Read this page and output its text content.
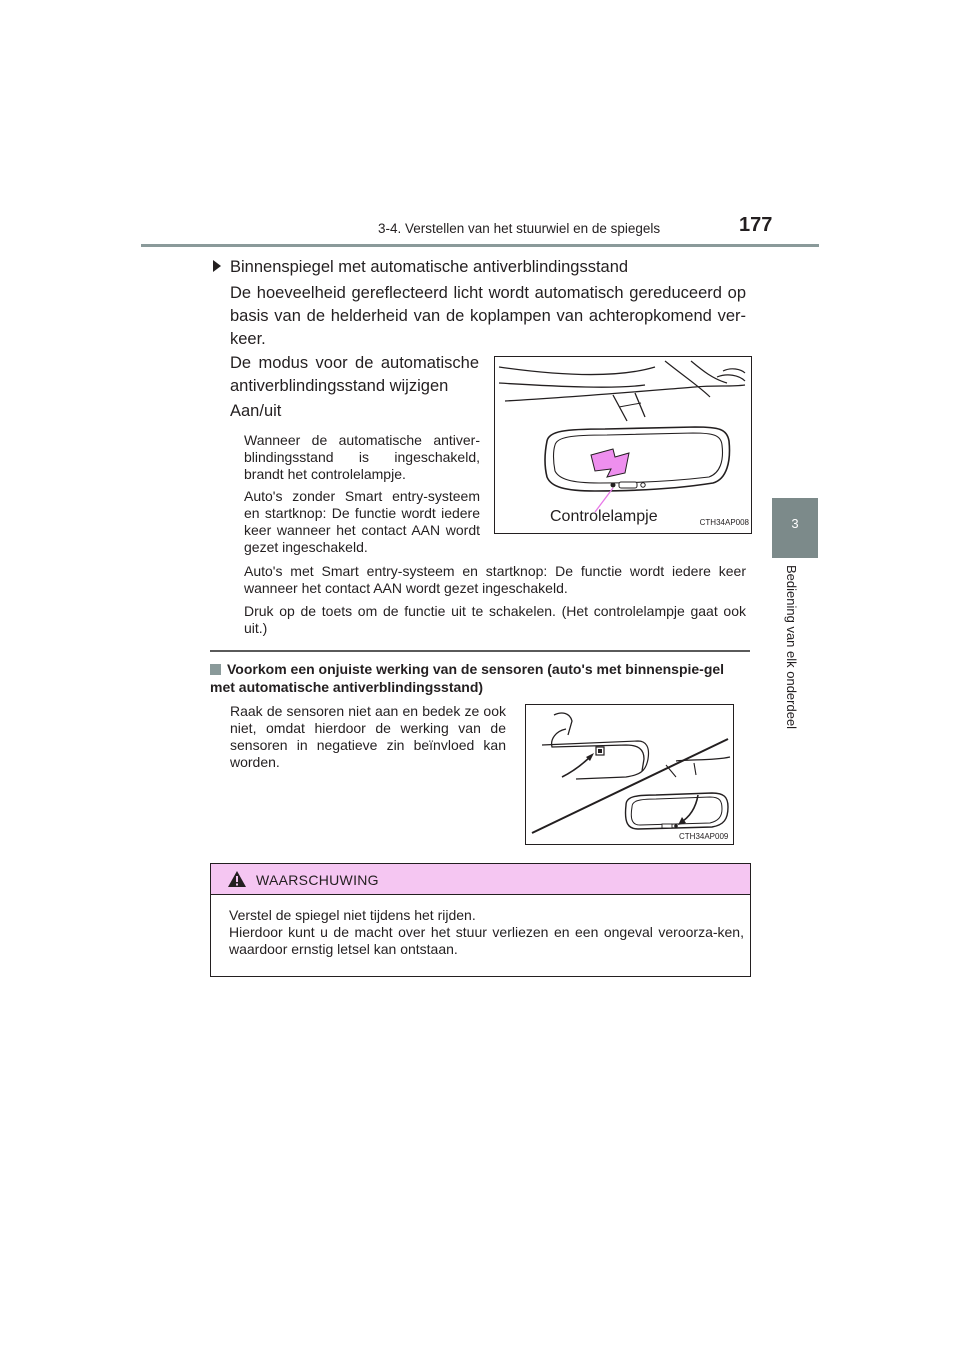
3-4. Verstellen van het stuurwiel en de spiegels	177
3
Bediening van elk onderdeel
Binnenspiegel met automatische antiverblindingsstand
De hoeveelheid gereflecteerd licht wordt automatisch gereduceerd op basis van de helderheid van de koplampen van achteropkomend ver-keer.
De modus voor de automatische antiverblindingsstand wijzigen
Aan/uit
Wanneer de automatische antiver-blindingsstand is ingeschakeld, brandt het controlelampje.
Auto's zonder Smart entry-systeem en startknop: De functie wordt iedere keer wanneer het contact AAN wordt gezet ingeschakeld.
Auto's met Smart entry-systeem en startknop: De functie wordt iedere keer wanneer het contact AAN wordt gezet ingeschakeld.
Druk op de toets om de functie uit te schakelen. (Het controlelampje gaat ook uit.)
Controlelampje	CTH34AP008
Voorkom een onjuiste werking van de sensoren (auto's met binnenspie-gel met automatische antiverblindingsstand)
Raak de sensoren niet aan en bedek ze ook niet, omdat hierdoor de werking van de sensoren in negatieve zin beïnvloed kan worden.
CTH34AP009
WAARSCHUWING
Verstel de spiegel niet tijdens het rijden.
Hierdoor kunt u de macht over het stuur verliezen en een ongeval veroorza-ken, waardoor ernstig letsel kan ontstaan.
